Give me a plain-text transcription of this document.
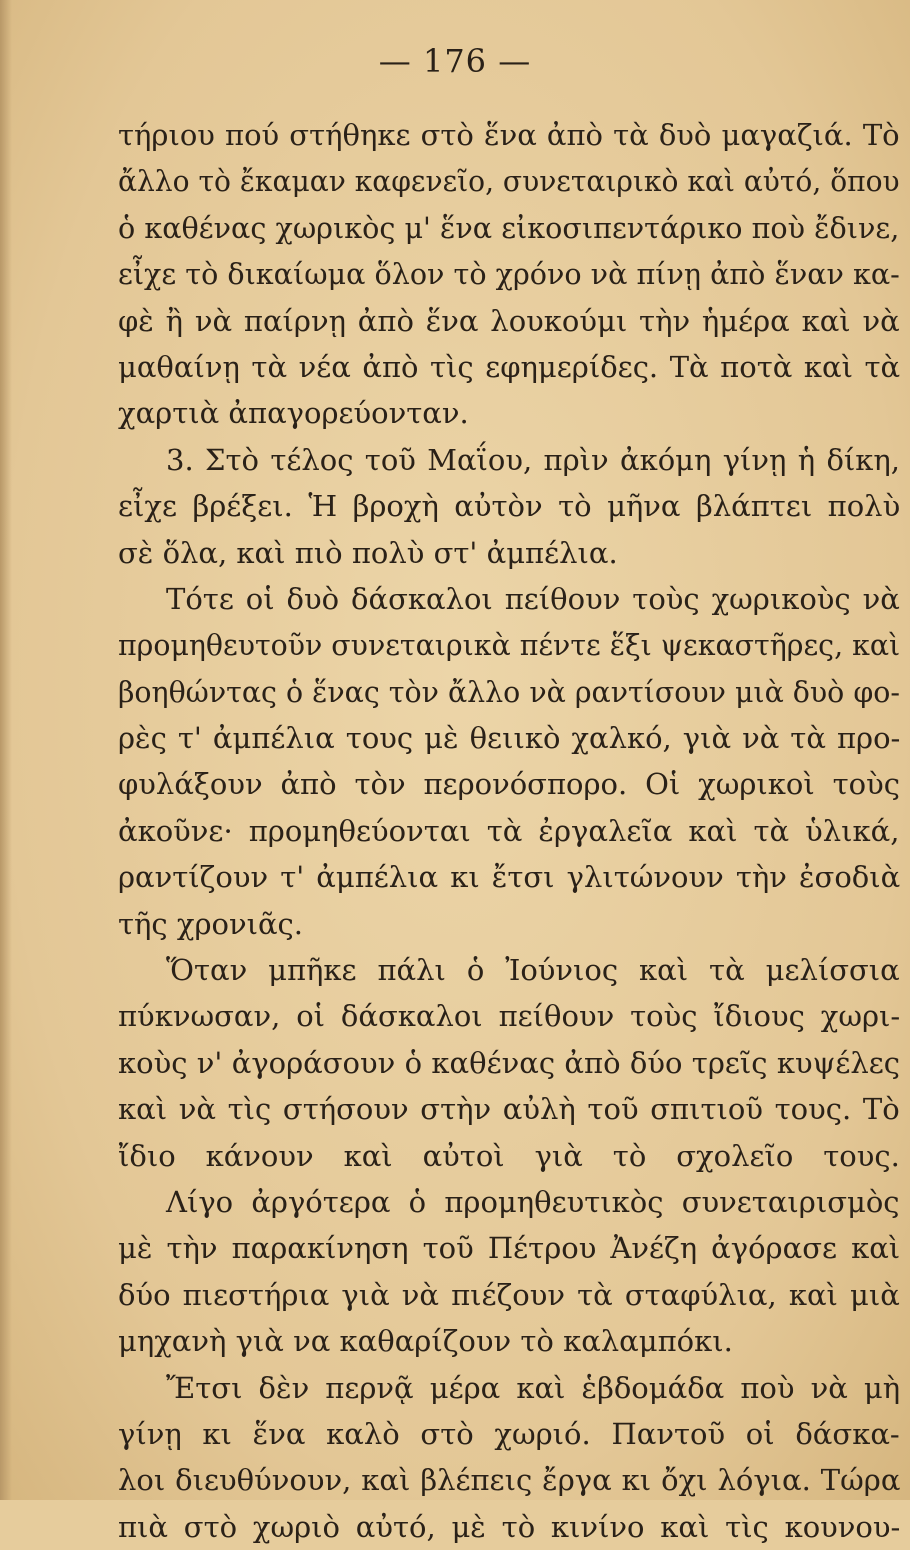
— 176 —
τήριου πού στήθηκε στὸ ἕνα ἀπὸ τὰ δυὸ μαγαζιά. Τὸ
ἄλλο τὸ ἔκαμαν καφενεῖο, συνεταιρικὸ καὶ αὐτό, ὅπου
ὁ καθένας χωρικὸς μ' ἕνα εἰκοσιπεντάρικο ποὺ ἔδινε,
εἶχε τὸ δικαίωμα ὅλον τὸ χρόνο νὰ πίνῃ ἀπὸ ἕναν κα-
φὲ ἢ νὰ παίρνῃ ἀπὸ ἕνα λουκούμι τὴν ἡμέρα καὶ νὰ
μαθαίνῃ τὰ νέα ἀπὸ τὶς εφημερίδες. Τὰ ποτὰ καὶ τὰ
χαρτιὰ ἀπαγορεύονταν.
3. Στὸ τέλος τοῦ Μαΐου, πρὶν ἀκόμη γίνῃ ἡ δίκη,
εἶχε βρέξει. Ἡ βροχὴ αὐτὸν τὸ μῆνα βλάπτει πολὺ
σὲ ὅλα, καὶ πιὸ πολὺ στ' ἀμπέλια.
Τότε οἱ δυὸ δάσκαλοι πείθουν τοὺς χωρικοὺς νὰ
προμηθευτοῦν συνεταιρικὰ πέντε ἕξι ψεκαστῆρες, καὶ
βοηθώντας ὁ ἕνας τὸν ἄλλο νὰ ραντίσουν μιὰ δυὸ φο-
ρὲς τ' ἀμπέλια τους μὲ θειικὸ χαλκό, γιὰ νὰ τὰ προ-
φυλάξουν ἀπὸ τὸν περονόσπορο. Οἱ χωρικοὶ τοὺς
ἀκοῦνε· προμηθεύονται τὰ ἐργαλεῖα καὶ τὰ ὑλικά,
ραντίζουν τ' ἀμπέλια κι ἔτσι γλιτώνουν τὴν ἐσοδιὰ
τῆς χρονιᾶς.
Ὅταν μπῆκε πάλι ὁ Ἰούνιος καὶ τὰ μελίσσια
πύκνωσαν, οἱ δάσκαλοι πείθουν τοὺς ἴδιους χωρι-
κοὺς ν' ἀγοράσουν ὁ καθένας ἀπὸ δύο τρεῖς κυψέλες
καὶ νὰ τὶς στήσουν στὴν αὐλὴ τοῦ σπιτιοῦ τους. Τὸ
ἴδιο κάνουν καὶ αὐτοὶ γιὰ τὸ σχολεῖο τους.
Λίγο ἀργότερα ὁ προμηθευτικὸς συνεταιρισμὸς
μὲ τὴν παρακίνηση τοῦ Πέτρου Ἀνέζη ἀγόρασε καὶ
δύο πιεστήρια γιὰ νὰ πιέζουν τὰ σταφύλια, καὶ μιὰ
μηχανὴ γιὰ να καθαρίζουν τὸ καλαμπόκι.
Ἔτσι δὲν περνᾷ μέρα καὶ ἑβδομάδα ποὺ νὰ μὴ
γίνῃ κι ἕνα καλὸ στὸ χωριό. Παντοῦ οἱ δάσκα-
λοι διευθύνουν, καὶ βλέπεις ἔργα κι ὄχι λόγια. Τώρα
πιὰ στὸ χωριὸ αὐτό, μὲ τὸ κινίνο καὶ τὶς κουνου-
